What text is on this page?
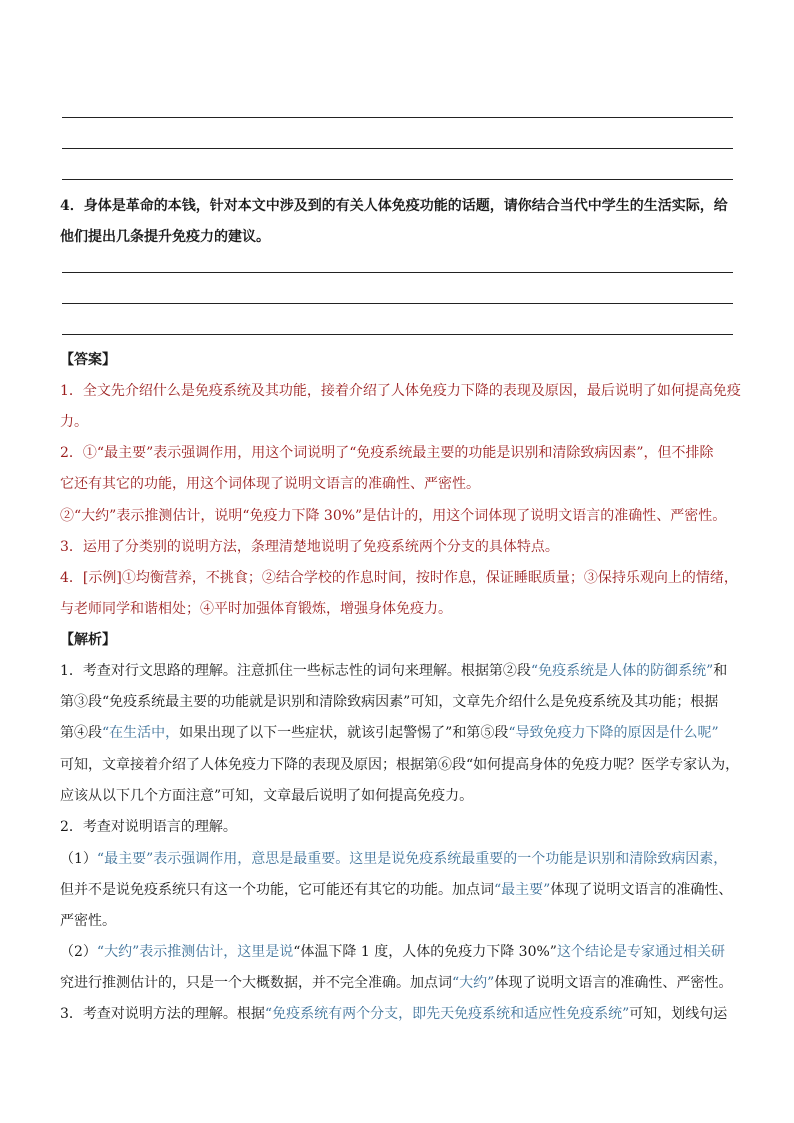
4．身体是革命的本钱，针对本文中涉及到的有关人体免疫功能的话题，请你结合当代中学生的生活实际，给
他们提出几条提升免疫力的建议。
【答案】
1．全文先介绍什么是免疫系统及其功能，接着介绍了人体免疫力下降的表现及原因，最后说明了如何提高免疫
力。
2．①“最主要”表示强调作用，用这个词说明了“免疫系统最主要的功能是识别和清除致病因素”，但不排除
它还有其它的功能，用这个词体现了说明文语言的准确性、严密性。
②“大约”表示推测估计，说明“免疫力下降 30%”是估计的，用这个词体现了说明文语言的准确性、严密性。
3．运用了分类别的说明方法，条理清楚地说明了免疫系统两个分支的具体特点。
4．[示例]①均衡营养，不挑食；②结合学校的作息时间，按时作息，保证睡眠质量；③保持乐观向上的情绪，
与老师同学和谐相处；④平时加强体育锻炼，增强身体免疫力。
【解析】
1．考查对行文思路的理解。注意抓住一些标志性的词句来理解。根据第②段“免疫系统是人体的防御系统”和
第③段“免疫系统最主要的功能就是识别和清除致病因素”可知，文章先介绍什么是免疫系统及其功能；根据
第④段“在生活中，如果出现了以下一些症状，就该引起警惕了”和第⑤段“导致免疫力下降的原因是什么呢”
可知，文章接着介绍了人体免疫力下降的表现及原因；根据第⑥段“如何提高身体的免疫力呢？医学专家认为，
应该从以下几个方面注意”可知，文章最后说明了如何提高免疫力。
2．考查对说明语言的理解。
（1）“最主要”表示强调作用，意思是最重要。这里是说免疫系统最重要的一个功能是识别和清除致病因素，
但并不是说免疫系统只有这一个功能，它可能还有其它的功能。加点词“最主要”体现了说明文语言的准确性、
严密性。
（2）“大约”表示推测估计，这里是说“体温下降 1 度，人体的免疫力下降 30%”这个结论是专家通过相关研
究进行推测估计的，只是一个大概数据，并不完全准确。加点词“大约”体现了说明文语言的准确性、严密性。
3．考查对说明方法的理解。根据“免疫系统有两个分支，即先天免疫系统和适应性免疫系统”可知，划线句运
